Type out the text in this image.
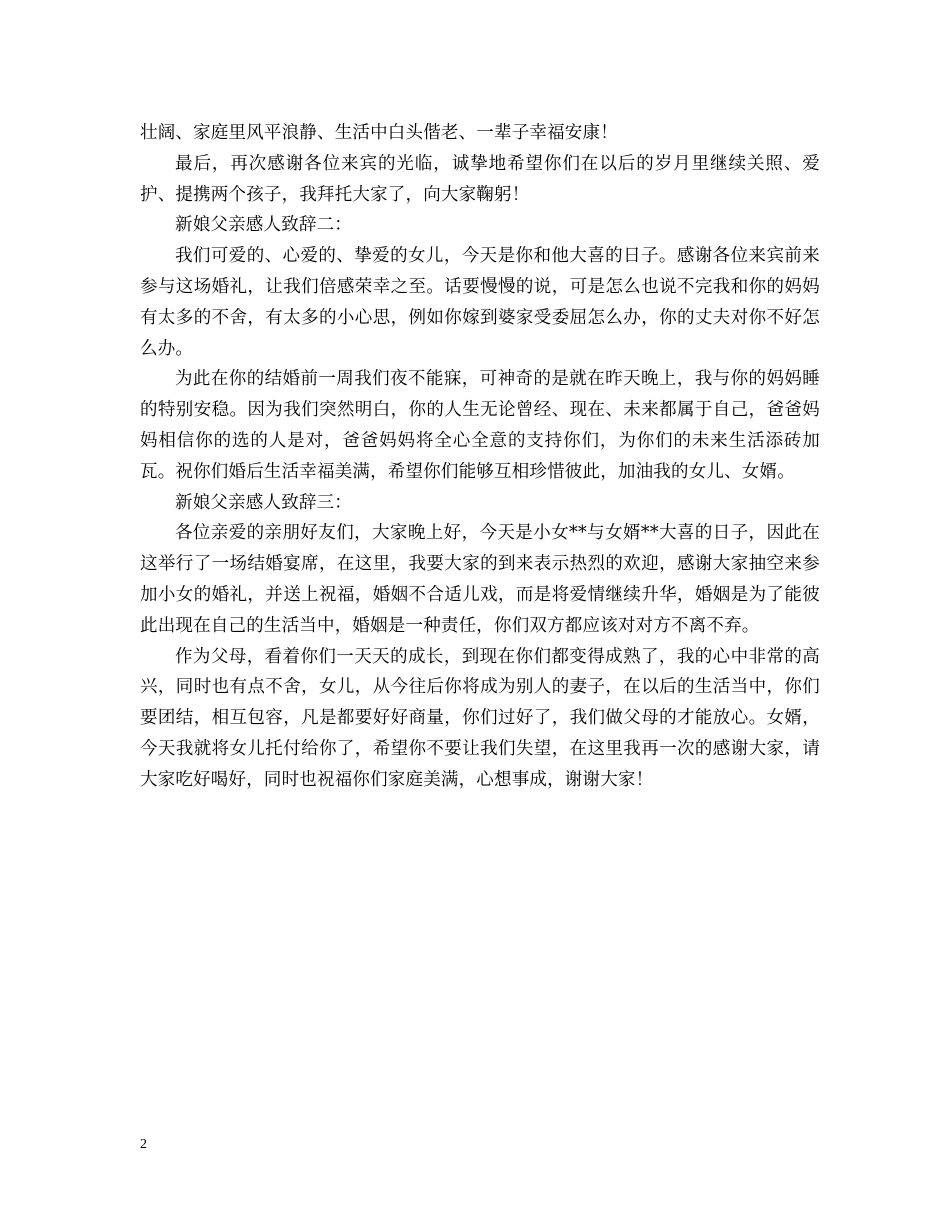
壮阔、家庭里风平浪静、生活中白头偕老、一辈子幸福安康！

最后，再次感谢各位来宾的光临，诚挚地希望你们在以后的岁月里继续关照、爱护、提携两个孩子，我拜托大家了，向大家鞠躬！

新娘父亲感人致辞二：

我们可爱的、心爱的、挚爱的女儿，今天是你和他大喜的日子。感谢各位来宾前来参与这场婚礼，让我们倍感荣幸之至。话要慢慢的说，可是怎么也说不完我和你的妈妈有太多的不舍，有太多的小心思，例如你嫁到婆家受委屈怎么办，你的丈夫对你不好怎么办。

为此在你的结婚前一周我们夜不能寐，可神奇的是就在昨天晚上，我与你的妈妈睡的特别安稳。因为我们突然明白，你的人生无论曾经、现在、未来都属于自己，爸爸妈妈相信你的选的人是对，爸爸妈妈将全心全意的支持你们，为你们的未来生活添砖加瓦。祝你们婚后生活幸福美满，希望你们能够互相珍惜彼此，加油我的女儿、女婿。

新娘父亲感人致辞三：

各位亲爱的亲朋好友们，大家晚上好，今天是小女**与女婿**大喜的日子，因此在这举行了一场结婚宴席，在这里，我要大家的到来表示热烈的欢迎，感谢大家抽空来参加小女的婚礼，并送上祝福，婚姻不合适儿戏，而是将爱情继续升华，婚姻是为了能彼此出现在自己的生活当中，婚姻是一种责任，你们双方都应该对对方不离不弃。

作为父母，看着你们一天天的成长，到现在你们都变得成熟了，我的心中非常的高兴，同时也有点不舍，女儿，从今往后你将成为别人的妻子，在以后的生活当中，你们要团结，相互包容，凡是都要好好商量，你们过好了，我们做父母的才能放心。女婿，今天我就将女儿托付给你了，希望你不要让我们失望，在这里我再一次的感谢大家，请大家吃好喝好，同时也祝福你们家庭美满，心想事成，谢谢大家！

2
